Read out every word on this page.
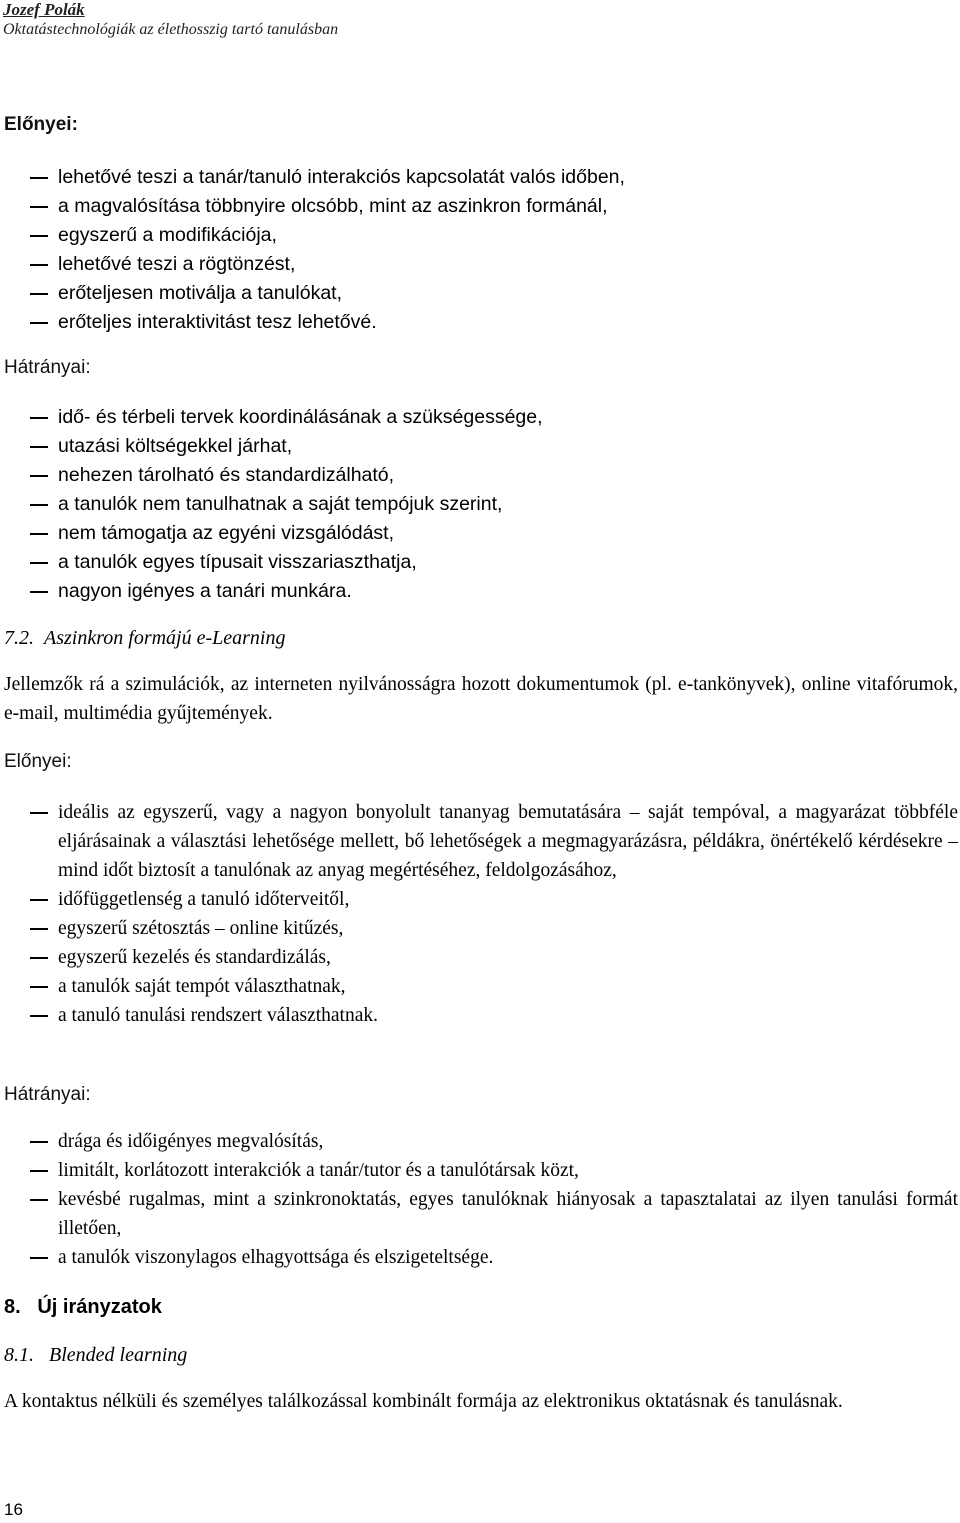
Jozef Polák
Oktatástechnológiák az élethosszig tartó tanulásban
Előnyei:
lehetővé teszi a tanár/tanuló interakciós kapcsolatát valós időben,
a magvalósítása többnyire olcsóbb, mint az aszinkron formánál,
egyszerű a modifikációja,
lehetővé teszi a rögtönzést,
erőteljesen motiválja a tanulókat,
erőteljes interaktivitást tesz lehetővé.
Hátrányai:
idő- és térbeli tervek koordinálásának a szükségessége,
utazási költségekkel járhat,
nehezen tárolható és standardizálható,
a tanulók nem tanulhatnak a saját tempójuk szerint,
nem támogatja az egyéni vizsgálódást,
a tanulók egyes típusait visszariaszthatja,
nagyon igényes a tanári munkára.
7.2. Aszinkron formájú e-Learning
Jellemzők rá a szimulációk, az interneten nyilvánosságra hozott dokumentumok (pl. e-tankönyvek), online vitafórumok, e-mail, multimédia gyűjtemények.
Előnyei:
ideális az egyszerű, vagy a nagyon bonyolult tananyag bemutatására – saját tempóval, a magyarázat többféle eljárásainak a választási lehetősége mellett, bő lehetőségek a megmagyarázásra, példákra, önértékelő kérdésekre – mind időt biztosít a tanulónak az anyag megértéséhez, feldolgozásához,
időfüggetlenség a tanuló időterveitől,
egyszerű szétosztás – online kitűzés,
egyszerű kezelés és standardizálás,
a tanulók saját tempót választhatnak,
a tanuló tanulási rendszert választhatnak.
Hátrányai:
drága és időigényes megvalósítás,
limitált, korlátozott interakciók a tanár/tutor és a tanulótársak közt,
kevésbé rugalmas, mint a szinkronoktatás, egyes tanulóknak hiányosak a tapasztalatai az ilyen tanulási formát illetően,
a tanulók viszonylagos elhagyottsága és elszigeteltsége.
8. Új irányzatok
8.1. Blended learning
A kontaktus nélküli és személyes találkozással kombinált formája az elektronikus oktatásnak és tanulásnak.
16
